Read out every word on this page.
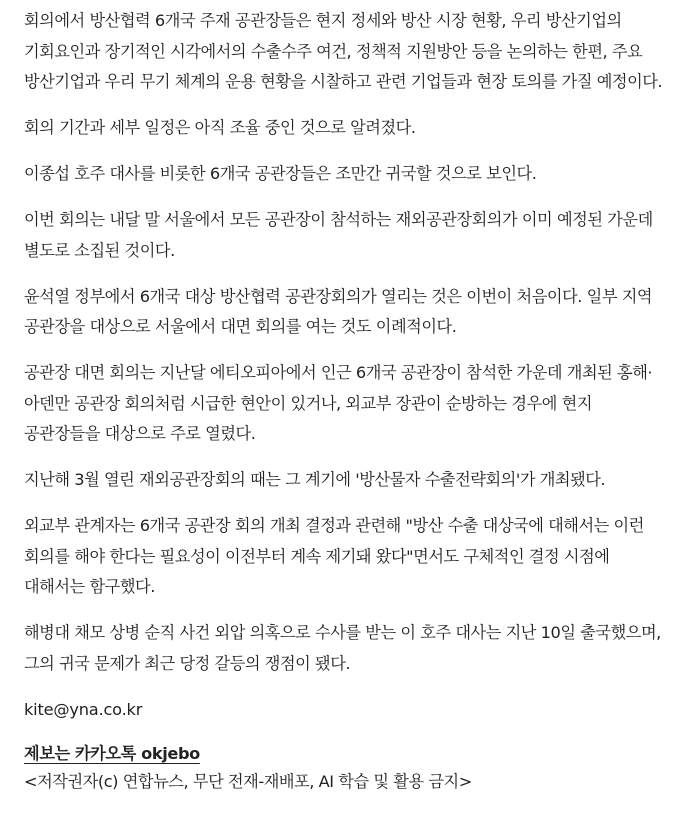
회의에서 방산협력 6개국 주재 공관장들은 현지 정세와 방산 시장 현황, 우리 방산기업의 기회요인과 장기적인 시각에서의 수출수주 여건, 정책적 지원방안 등을 논의하는 한편, 주요 방산기업과 우리 무기 체계의 운용 현황을 시찰하고 관련 기업들과 현장 토의를 가질 예정이다.

회의 기간과 세부 일정은 아직 조율 중인 것으로 알려졌다.

이종섭 호주 대사를 비롯한 6개국 공관장들은 조만간 귀국할 것으로 보인다.

이번 회의는 내달 말 서울에서 모든 공관장이 참석하는 재외공관장회의가 이미 예정된 가운데 별도로 소집된 것이다.

윤석열 정부에서 6개국 대상 방산협력 공관장회의가 열리는 것은 이번이 처음이다. 일부 지역 공관장을 대상으로 서울에서 대면 회의를 여는 것도 이례적이다.

공관장 대면 회의는 지난달 에티오피아에서 인근 6개국 공관장이 참석한 가운데 개최된 홍해·아덴만 공관장 회의처럼 시급한 현안이 있거나, 외교부 장관이 순방하는 경우에 현지 공관장들을 대상으로 주로 열렸다.

지난해 3월 열린 재외공관장회의 때는 그 계기에 '방산물자 수출전략회의'가 개최됐다.

외교부 관계자는 6개국 공관장 회의 개최 결정과 관련해 "방산 수출 대상국에 대해서는 이런 회의를 해야 한다는 필요성이 이전부터 계속 제기돼 왔다"면서도 구체적인 결정 시점에 대해서는 함구했다.

해병대 채모 상병 순직 사건 외압 의혹으로 수사를 받는 이 호주 대사는 지난 10일 출국했으며, 그의 귀국 문제가 최근 당정 갈등의 쟁점이 됐다.

kite@yna.co.kr

제보는 카카오톡 okjebo

<저작권자(c) 연합뉴스, 무단 전재-재배포, AI 학습 및 활용 금지>
